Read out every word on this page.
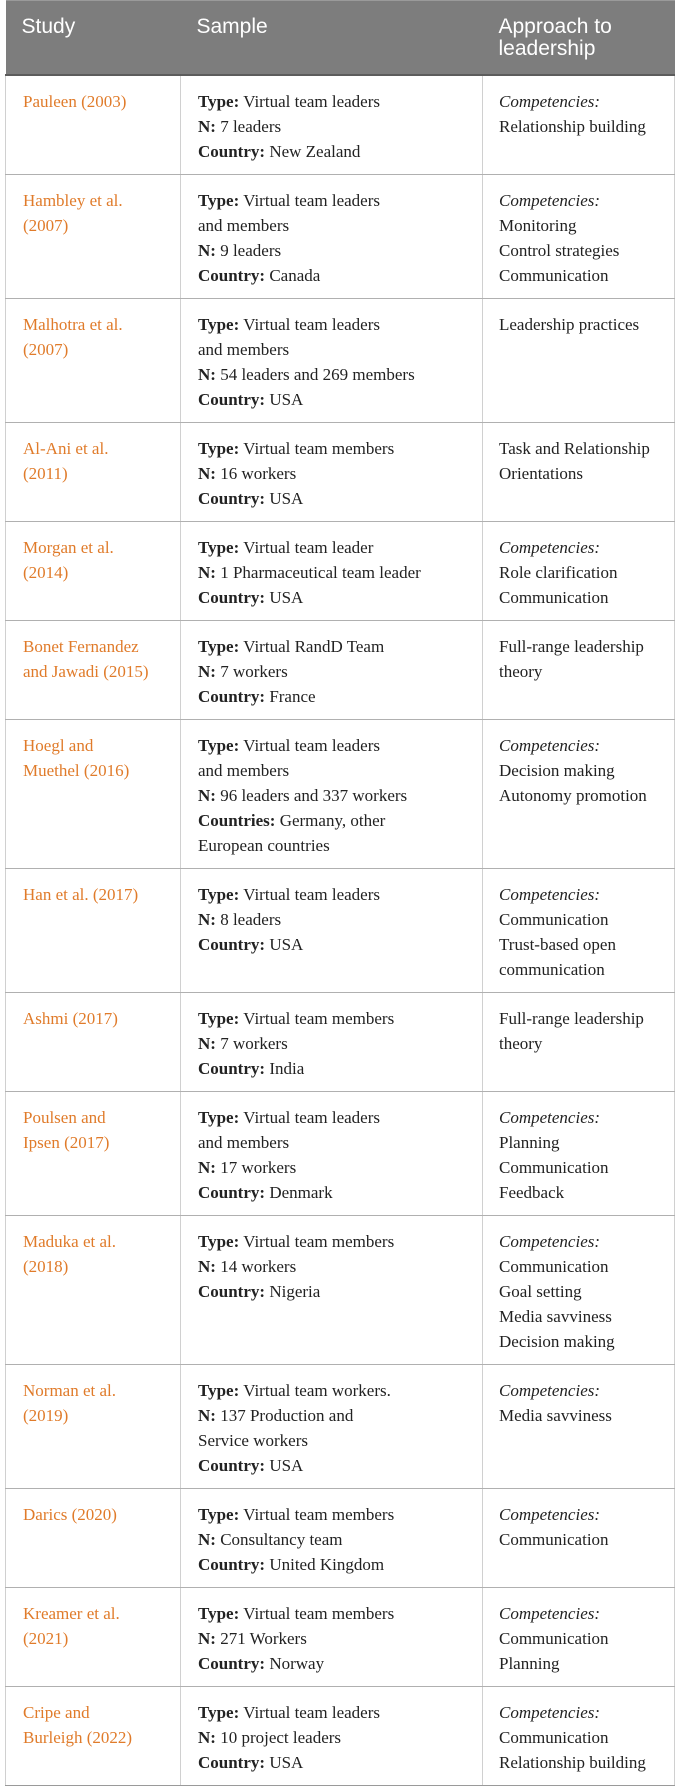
Study	Sample	Approach to
leadership

Pauleen (2003)	Type: Virtual team leaders
N: 7 leaders
Country: New Zealand	Competencies:
Relationship building

Hambley et al.
(2007)	Type: Virtual team leaders
and members
N: 9 leaders
Country: Canada	Competencies:
Monitoring
Control strategies
Communication

Malhotra et al.
(2007)	Type: Virtual team leaders
and members
N: 54 leaders and 269 members
Country: USA	Leadership practices

Al-Ani et al.
(2011)	Type: Virtual team members
N: 16 workers
Country: USA	Task and Relationship
Orientations

Morgan et al.
(2014)	Type: Virtual team leader
N: 1 Pharmaceutical team leader
Country: USA	Competencies:
Role clarification
Communication

Bonet Fernandez
and Jawadi (2015)	Type: Virtual RandD Team
N: 7 workers
Country: France	Full-range leadership
theory

Hoegl and
Muethel (2016)	Type: Virtual team leaders
and members
N: 96 leaders and 337 workers
Countries: Germany, other
European countries	Competencies:
Decision making
Autonomy promotion

Han et al. (2017)	Type: Virtual team leaders
N: 8 leaders
Country: USA	Competencies:
Communication
Trust-based open
communication

Ashmi (2017)	Type: Virtual team members
N: 7 workers
Country: India	Full-range leadership
theory

Poulsen and
Ipsen (2017)	Type: Virtual team leaders
and members
N: 17 workers
Country: Denmark	Competencies:
Planning
Communication
Feedback

Maduka et al.
(2018)	Type: Virtual team members
N: 14 workers
Country: Nigeria	Competencies:
Communication
Goal setting
Media savviness
Decision making

Norman et al.
(2019)	Type: Virtual team workers.
N: 137 Production and
Service workers
Country: USA	Competencies:
Media savviness

Darics (2020)	Type: Virtual team members
N: Consultancy team
Country: United Kingdom	Competencies:
Communication

Kreamer et al.
(2021)	Type: Virtual team members
N: 271 Workers
Country: Norway	Competencies:
Communication
Planning

Cripe and
Burleigh (2022)	Type: Virtual team leaders
N: 10 project leaders
Country: USA	Competencies:
Communication
Relationship building
